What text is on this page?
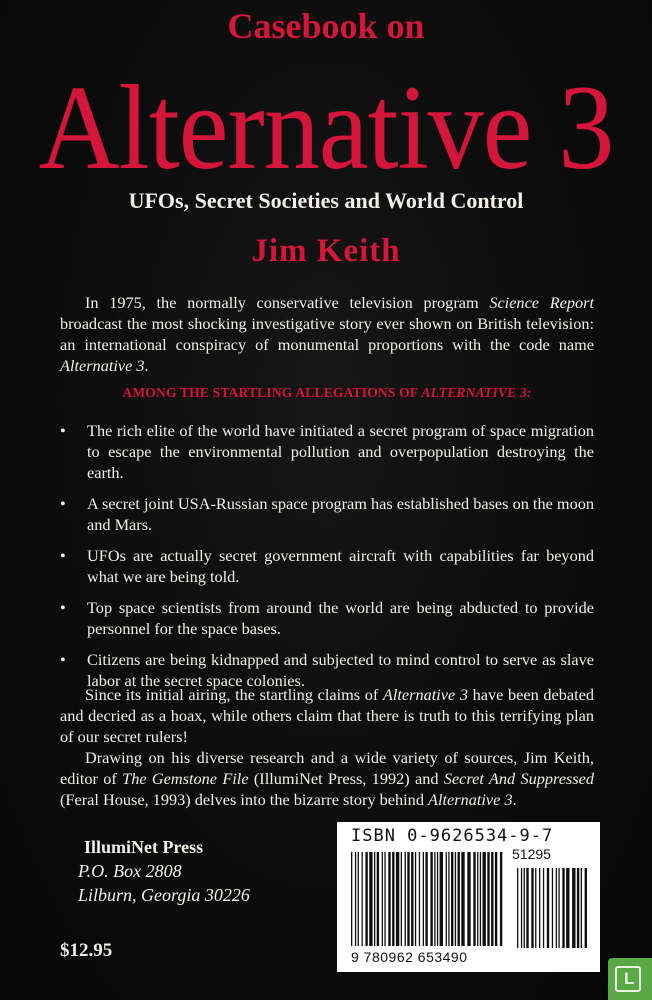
Casebook on
Alternative 3
UFOs, Secret Societies and World Control
Jim Keith
In 1975, the normally conservative television program Science Report broadcast the most shocking investigative story ever shown on British television: an international conspiracy of monumental proportions with the code name Alternative 3.
AMONG THE STARTLING ALLEGATIONS OF ALTERNATIVE 3:
• The rich elite of the world have initiated a secret program of space migration to escape the environmental pollution and overpopulation destroying the earth.
• A secret joint USA-Russian space program has established bases on the moon and Mars.
• UFOs are actually secret government aircraft with capabilities far beyond what we are being told.
• Top space scientists from around the world are being abducted to provide personnel for the space bases.
• Citizens are being kidnapped and subjected to mind control to serve as slave labor at the secret space colonies.
Since its initial airing, the startling claims of Alternative 3 have been debated and decried as a hoax, while others claim that there is truth to this terrifying plan of our secret rulers!
Drawing on his diverse research and a wide variety of sources, Jim Keith, editor of The Gemstone File (IllumiNet Press, 1992) and Secret And Suppressed (Feral House, 1993) delves into the bizarre story behind Alternative 3.
IllumiNet Press
P.O. Box 2808
Lilburn, Georgia 30226
$12.95
ISBN 0-9626534-9-7
51295
9 780962 653490
L
